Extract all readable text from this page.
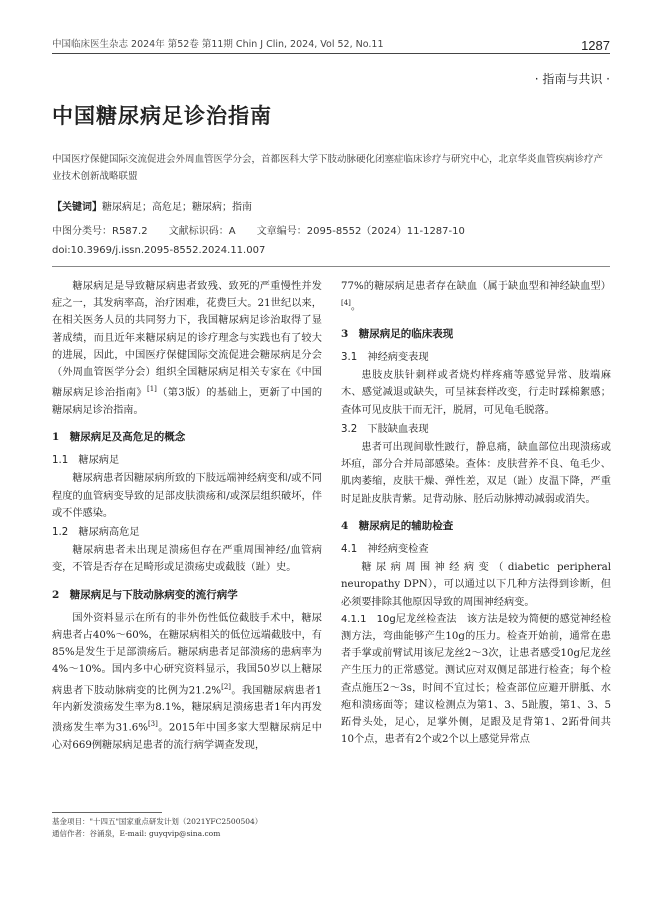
中国临床医生杂志 2024年 第52卷 第11期 Chin J Clin, 2024, Vol 52, No.11	1287
· 指南与共识 ·
中国糖尿病足诊治指南
中国医疗保健国际交流促进会外周血管医学分会，首都医科大学下肢动脉硬化闭塞症临床诊疗与研究中心，北京华炎血管疾病诊疗产业技术创新战略联盟
【关键词】糖尿病足；高危足；糖尿病；指南
中图分类号：R587.2 文献标识码：A 文章编号：2095-8552（2024）11-1287-10
doi:10.3969/j.issn.2095-8552.2024.11.007

糖尿病足是导致糖尿病患者致残、致死的严重慢性并发症之一，其发病率高，治疗困难，花费巨大。21世纪以来，在相关医务人员的共同努力下，我国糖尿病足诊治取得了显著成绩，而且近年来糖尿病足的诊疗理念与实践也有了较大的进展，因此，中国医疗保健国际交流促进会糖尿病足分会（外周血管医学分会）组织全国糖尿病足相关专家在《中国糖尿病足诊治指南》[1]（第3版）的基础上，更新了中国的糖尿病足诊治指南。

1　糖尿病足及高危足的概念
1.1　糖尿病足

糖尿病患者因糖尿病所致的下肢远端神经病变和/或不同程度的血管病变导致的足部皮肤溃疡和/或深层组织破坏，伴或不伴感染。

1.2　糖尿病高危足

糖尿病患者未出现足溃疡但存在严重周围神经/血管病变，不管是否存在足畸形或足溃疡史或截肢（趾）史。

2　糖尿病足与下肢动脉病变的流行病学

国外资料显示在所有的非外伤性低位截肢手术中，糖尿病患者占40%～60%，在糖尿病相关的低位远端截肢中，有85%是发生于足部溃疡后。糖尿病患者足部溃疡的患病率为4%～10%。国内多中心研究资料显示，我国50岁以上糖尿病患者下肢动脉病变的比例为21.2%[2]。我国糖尿病患者1年内新发溃疡发生率为8.1%，糖尿病足溃疡患者1年内再发溃疡发生率为31.6%[3]。2015年中国多家大型糖尿病足中心对669例糖尿病足患者的流行病学调查发现，

77%的糖尿病足患者存在缺血（属于缺血型和神经缺血型）[4]。

3　糖尿病足的临床表现
3.1　神经病变表现

患肢皮肤针刺样或者烧灼样疼痛等感觉异常、肢端麻木、感觉减退或缺失，可呈袜套样改变，行走时踩棉絮感；查体可见皮肤干而无汗，脱屑，可见龟毛脱落。

3.2　下肢缺血表现

患者可出现间歇性跛行，静息痛，缺血部位出现溃疡或坏疽，部分合并局部感染。查体：皮肤营养不良、龟毛少、肌肉萎缩，皮肤干燥、弹性差，双足（趾）皮温下降，严重时足趾皮肤青紫。足背动脉、胫后动脉搏动减弱或消失。

4　糖尿病足的辅助检查
4.1　神经病变检查

糖尿病周围神经病变（diabetic peripheral neuropathy DPN），可以通过以下几种方法得到诊断，但必须要排除其他原因导致的周围神经病变。

4.1.1　10g尼龙丝检查法　 该方法是较为简便的感觉神经检测方法，弯曲能够产生10g的压力。检查开始前，通常在患者手掌或前臂试用该尼龙丝2～3次，让患者感受10g尼龙丝产生压力的正常感觉。测试应对双侧足部进行检查；每个检查点施压2～3s，时间不宜过长；检查部位应避开胼胝、水疱和溃疡面等；建议检测点为第1、3、5趾腹，第1、3、5跖骨头处，足心，足掌外侧，足跟及足背第1、2跖骨间共10个点，患者有2个或2个以上感觉异常点

基金项目："十四五"国家重点研发计划（2021YFC2500504）
通信作者：谷涌泉，E-mail: guyqvip@sina.com
